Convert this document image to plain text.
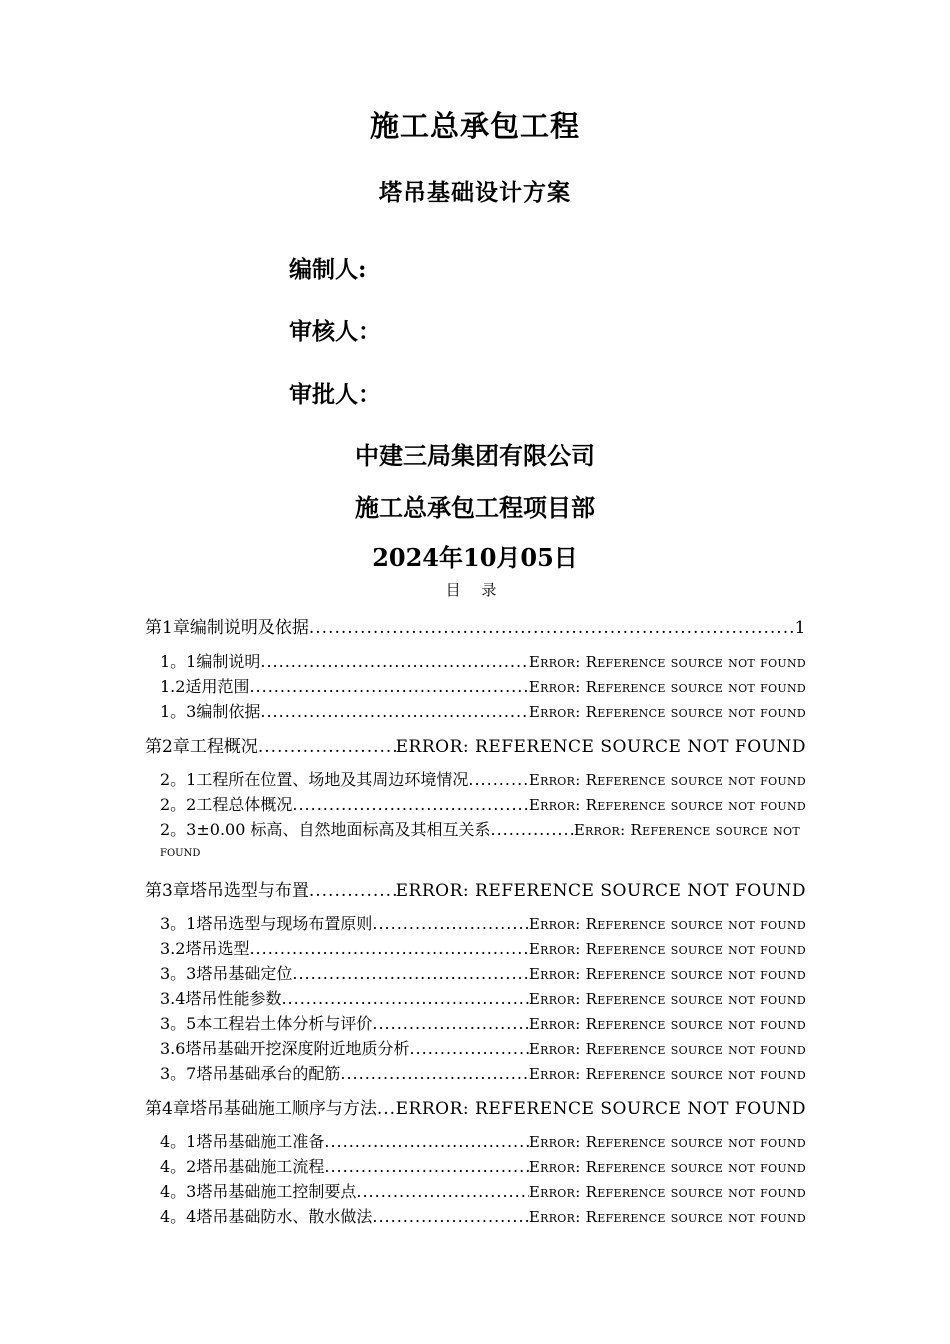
施工总承包工程
塔吊基础设计方案
编制人:
审核人：
审批人：
中建三局集团有限公司
施工总承包工程项目部
2024年10月05日
目 录
第1章编制说明及依据 .....	1
1。1编制说明 .....	Error: Reference source not found
1.2适用范围 .....	Error: Reference source not found
1。3编制依据 .....	Error: Reference source not found
第2章工程概况 .....	ERROR: REFERENCE SOURCE NOT FOUND
2。1工程所在位置、场地及其周边环境情况 .....	Error: Reference source not found
2。2工程总体概况 .....	Error: Reference source not found
2。3±0.00 标高、自然地面标高及其相互关系 .....	Error: Reference source not
found
第3章塔吊选型与布置 .....	ERROR: REFERENCE SOURCE NOT FOUND
3。1塔吊选型与现场布置原则 .....	Error: Reference source not found
3.2塔吊选型 .....	Error: Reference source not found
3。3塔吊基础定位 .....	Error: Reference source not found
3.4塔吊性能参数 .....	Error: Reference source not found
3。5本工程岩土体分析与评价 .....	Error: Reference source not found
3.6塔吊基础开挖深度附近地质分析 .....	Error: Reference source not found
3。7塔吊基础承台的配筋 .....	Error: Reference source not found
第4章塔吊基础施工顺序与方法 ..... ERROR: REFERENCE SOURCE NOT FOUND
4。1塔吊基础施工准备 .....	Error: Reference source not found
4。2塔吊基础施工流程 .....	Error: Reference source not found
4。3塔吊基础施工控制要点 .....	Error: Reference source not found
4。4塔吊基础防水、散水做法 .....	Error: Reference source not found
